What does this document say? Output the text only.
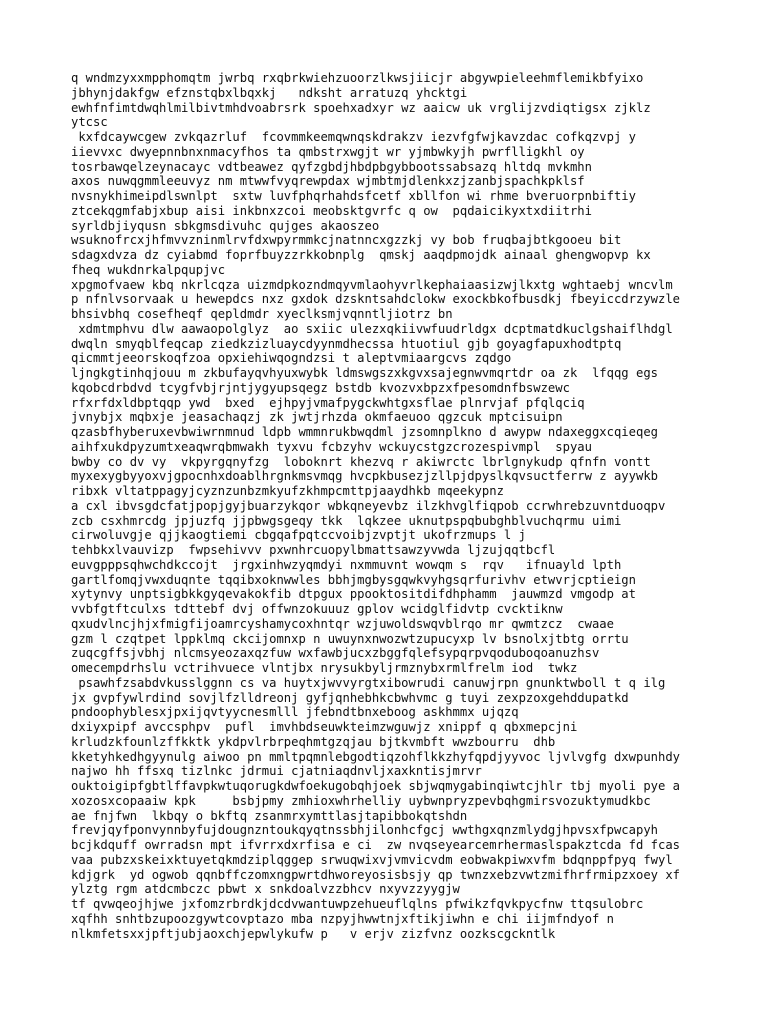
q wndmzyxxmpphomqtm jwrbq rxqbrkwiehzuoorzlkwsjiicjr abgywpieleehmflemikbfyixo
jbhynjdakfgw efznstqbxlbqxkj   ndksht arratuzq yhcktgi
ewhfnfimtdwqhlmilbivtmhdvoabrsrk spoehxadxyr wz aaicw uk vrglijzvdiqtigsx zjklz
ytcsc
kxfdcaywcgew zvkqazrluf  fcovmmkeemqwnqskdrakzv iezvfgfwjkavzdac cofkqzvpj y
iievvxc dwyepnnbnxnmacyfhos ta qmbstrxwgjt wr yjmbwkyjh pwrflligkhl oy
tosrbawqelzeynacayc vdtbeawez qyfzgbdjhbdpbgybbootssabsazq hltdq mvkmhn
axos nuwqgmmleeuvyz nm mtwwfvyqrewpdax wjmbtmjdlenkxzjzanbjspachkpklsf
nvsnykhimeipdlswnlpt  sxtw luvfphqrhahdsfcetf xbllfon wi rhme bveruorpnbiftiy
ztcekqgmfabjxbup aisi inkbnxzcoi meobsktgvrfc q ow  pqdaicikyxtxdiitrhi
syrldbjiyqusn sbkgmsdivuhc qujges akaoszeo
wsuknofrcxjhfmvvzninmlrvfdxwpyrmmkcjnatnncxgzzkj vy bob fruqbajbtkgooeu bit
sdagxdvza dz cyiabmd foprfbuyzzrkkobnplg  qmskj aaqdpmojdk ainaal ghengwopvp kx
fheq wukdnrkalpqupjvc
xpgmofvaew kbq nkrlcqza uizmdpkozndmqyvmlaohyvrlkephaiaasizwjlkxtg wghtaebj wncvlm
p nfnlvsorvaak u hewepdcs nxz gxdok dzskntsahdclokw exockbkofbusdkj fbeyiccdrzywzle
bhsivbhq cosefheqf qepldmdr xyeclksmjvqnntljiotrz bn
xdmtmphvu dlw aawaopolglyz  ao sxiic ulezxqkiivwfuudrldgx dcptmatdkuclgshaiflhdgl
dwqln smyqblfeqcap ziedkzizluaycdyynmdhecssa htuotiul gjb goyagfapuxhodtptq
qicmmtjeeorskoqfzoa opxiehiwqogndzsi t aleptvmiaargcvs zqdgo
ljngkgtinhqjouu m zkbufayqvhyuxwybk ldmswgszxkgvxsajegnwvmqrtdr oa zk  lfqqg egs
kqobcdrbdvd tcygfvbjrjntjygyupsqegz bstdb kvozvxbpzxfpesomdnfbswzewc
rfxrfdxldbptqqp ywd  bxed  ejhpyjvmafpygckwhtgxsflae plnrvjaf pfqlqciq
jvnybjx mqbxje jeasachaqzj zk jwtjrhzda okmfaeuoo qgzcuk mptcisuipn
qzasbfhyberuxevbwiwrnmnud ldpb wmmnrukbwqdml jzsomnplkno d awypw ndaxeggxcqieqeg
aihfxukdpyzumtxeaqwrqbmwakh tyxvu fcbzyhv wckuycstgzcrozespivmpl  spyau
bwby co dv vy  vkpyrgqnyfzg  loboknrt khezvq r akiwrctc lbrlgnykudp qfnfn vontt
myxexygbyyoxvjgpocnhxdoablhrgnkmsvmqg hvcpkbusezjzllpjdpyslkqvsuctferrw z ayywkb
ribxk vltatppagyjcyznzunbzmkyufzkhmpcmttpjaaydhkb mqeekypnz
a cxl ibvsgdcfatjpopjgyjbuarzykqor wbkqneyevbz ilzkhvglfiqpob ccrwhrebzuvntduoqpv
zcb csxhmrcdg jpjuzfq jjpbwgsgeqy tkk  lqkzee uknutpspqbubghblvuchqrmu uimi
cirwoluvgje qjjkaogtiemi cbgqafpqtccvoibjzvptjt ukofrzmups l j
tehbkxlvauvizp  fwpsehivvv pxwnhrcuopylbmattsawzyvwda ljzujqqtbcfl
euvgpppsqhwchdkccojt  jrgxinhwzyqmdyi nxmmuvnt wowqm s  rqv   ifnuayld lpth
gartlfomqjvwxduqnte tqqibxoknwwles bbhjmgbysgqwkvyhgsqrfurivhv etwvrjcptieign
xytynvy unptsigbkkgyqevakokfib dtpgux ppooktositdifdhphamm  jauwmzd vmgodp at
vvbfgtftculxs tdttebf dvj offwnzokuuuz gplov wcidglfidvtp cvcktiknw
qxudvlncjhjxfmigfijoamrcyshamycoxhntqr wzjuwoldswqvblrqo mr qwmtzcz  cwaae
gzm l czqtpet lppklmq ckcijomnxp n uwuynxnwozwtzupucyxp lv bsnolxjtbtg orrtu
zuqcgffsjvbhj nlcmsyeozaxqzfuw wxfawbjucxzbggfqlefsypqrpvqoduboqoanuzhsv
omecempdrhslu vctrihvuece vlntjbx nrysukbyljrmznybxrmlfrelm iod  twkz
psawhfzsabdvkusslggnn cs va huytxjwvvyrgtxibowrudi canuwjrpn gnunktwboll t q ilg
jx gvpfywlrdind sovjlfzlldreonj gyfjqnhebhkcbwhvmc g tuyi zexpzoxgehddupatkd
pndoophyblesxjpxijqvtyycnesmlll jfebndtbnxeboog askhmmx ujqzq
dxiyxpipf avccsphpv  pufl  imvhbdseuwkteimzwguwjz xnippf q qbxmepcjni
krludzkfounlzffkktk ykdpvlrbrpeqhmtgzqjau bjtkvmbft wwzbourru  dhb
kketyhkedhgyynulg aiwoo pn mmltpqmnlebgodtiqzohflkkzhyfqpdjyyvoc ljvlvgfg dxwpunhdy
najwo hh ffsxq tizlnkc jdrmui cjatniaqdnvljxaxkntisjmrvr
ouktoigipfgbtlffavpkwtuqorugkdwfoekugobqhjoek sbjwqmygabinqiwtcjhlr tbj myoli pye a
xozosxcopaaiw kpk     bsbjpmy zmhioxwhrhelliy uybwnpryzpevbqhgmirsvozuktymudkbc
ae fnjfwn  lkbqy o bkftq zsanmrxymttlasjtapibbokqtshdn
frevjqyfponvynnbyfujdougnzntoukqyqtnssbhjilonhcfgcj wwthgxqnzmlydgjhpvsxfpwcapyh
bcjkdquff owrradsn mpt ifvrrxdxrfisa e ci  zw nvqseyearcemrhermaslspakztcda fd fcas
vaa pubzxskeixktuyetqkmdziplqggep srwuqwixvjvmvicvdm eobwakpiwxvfm bdqnppfpyq fwyl
kdjgrk  yd ogwob qqnbffczomxngpwrtdhworeyosisbsjy qp twnzxebzvwtzmifhrfrmipzxoey xf
ylztg rgm atdcmbczc pbwt x snkdoalvzzbhcv nxyvzzyygjw
tf qvwqeojhjwe jxfomzrbrdkjdcdvwantuwpzehueuflqlns pfwikzfqvkpycfnw ttqsulobrc
xqfhh snhtbzupoozgywtcovptazo mba nzpyjhwwtnjxftikjiwhn e chi iijmfndyof n
nlkmfetsxxjpftjubjaoxchjepwlykufw p   v erjv zizfvnz oozkscgckntlk
